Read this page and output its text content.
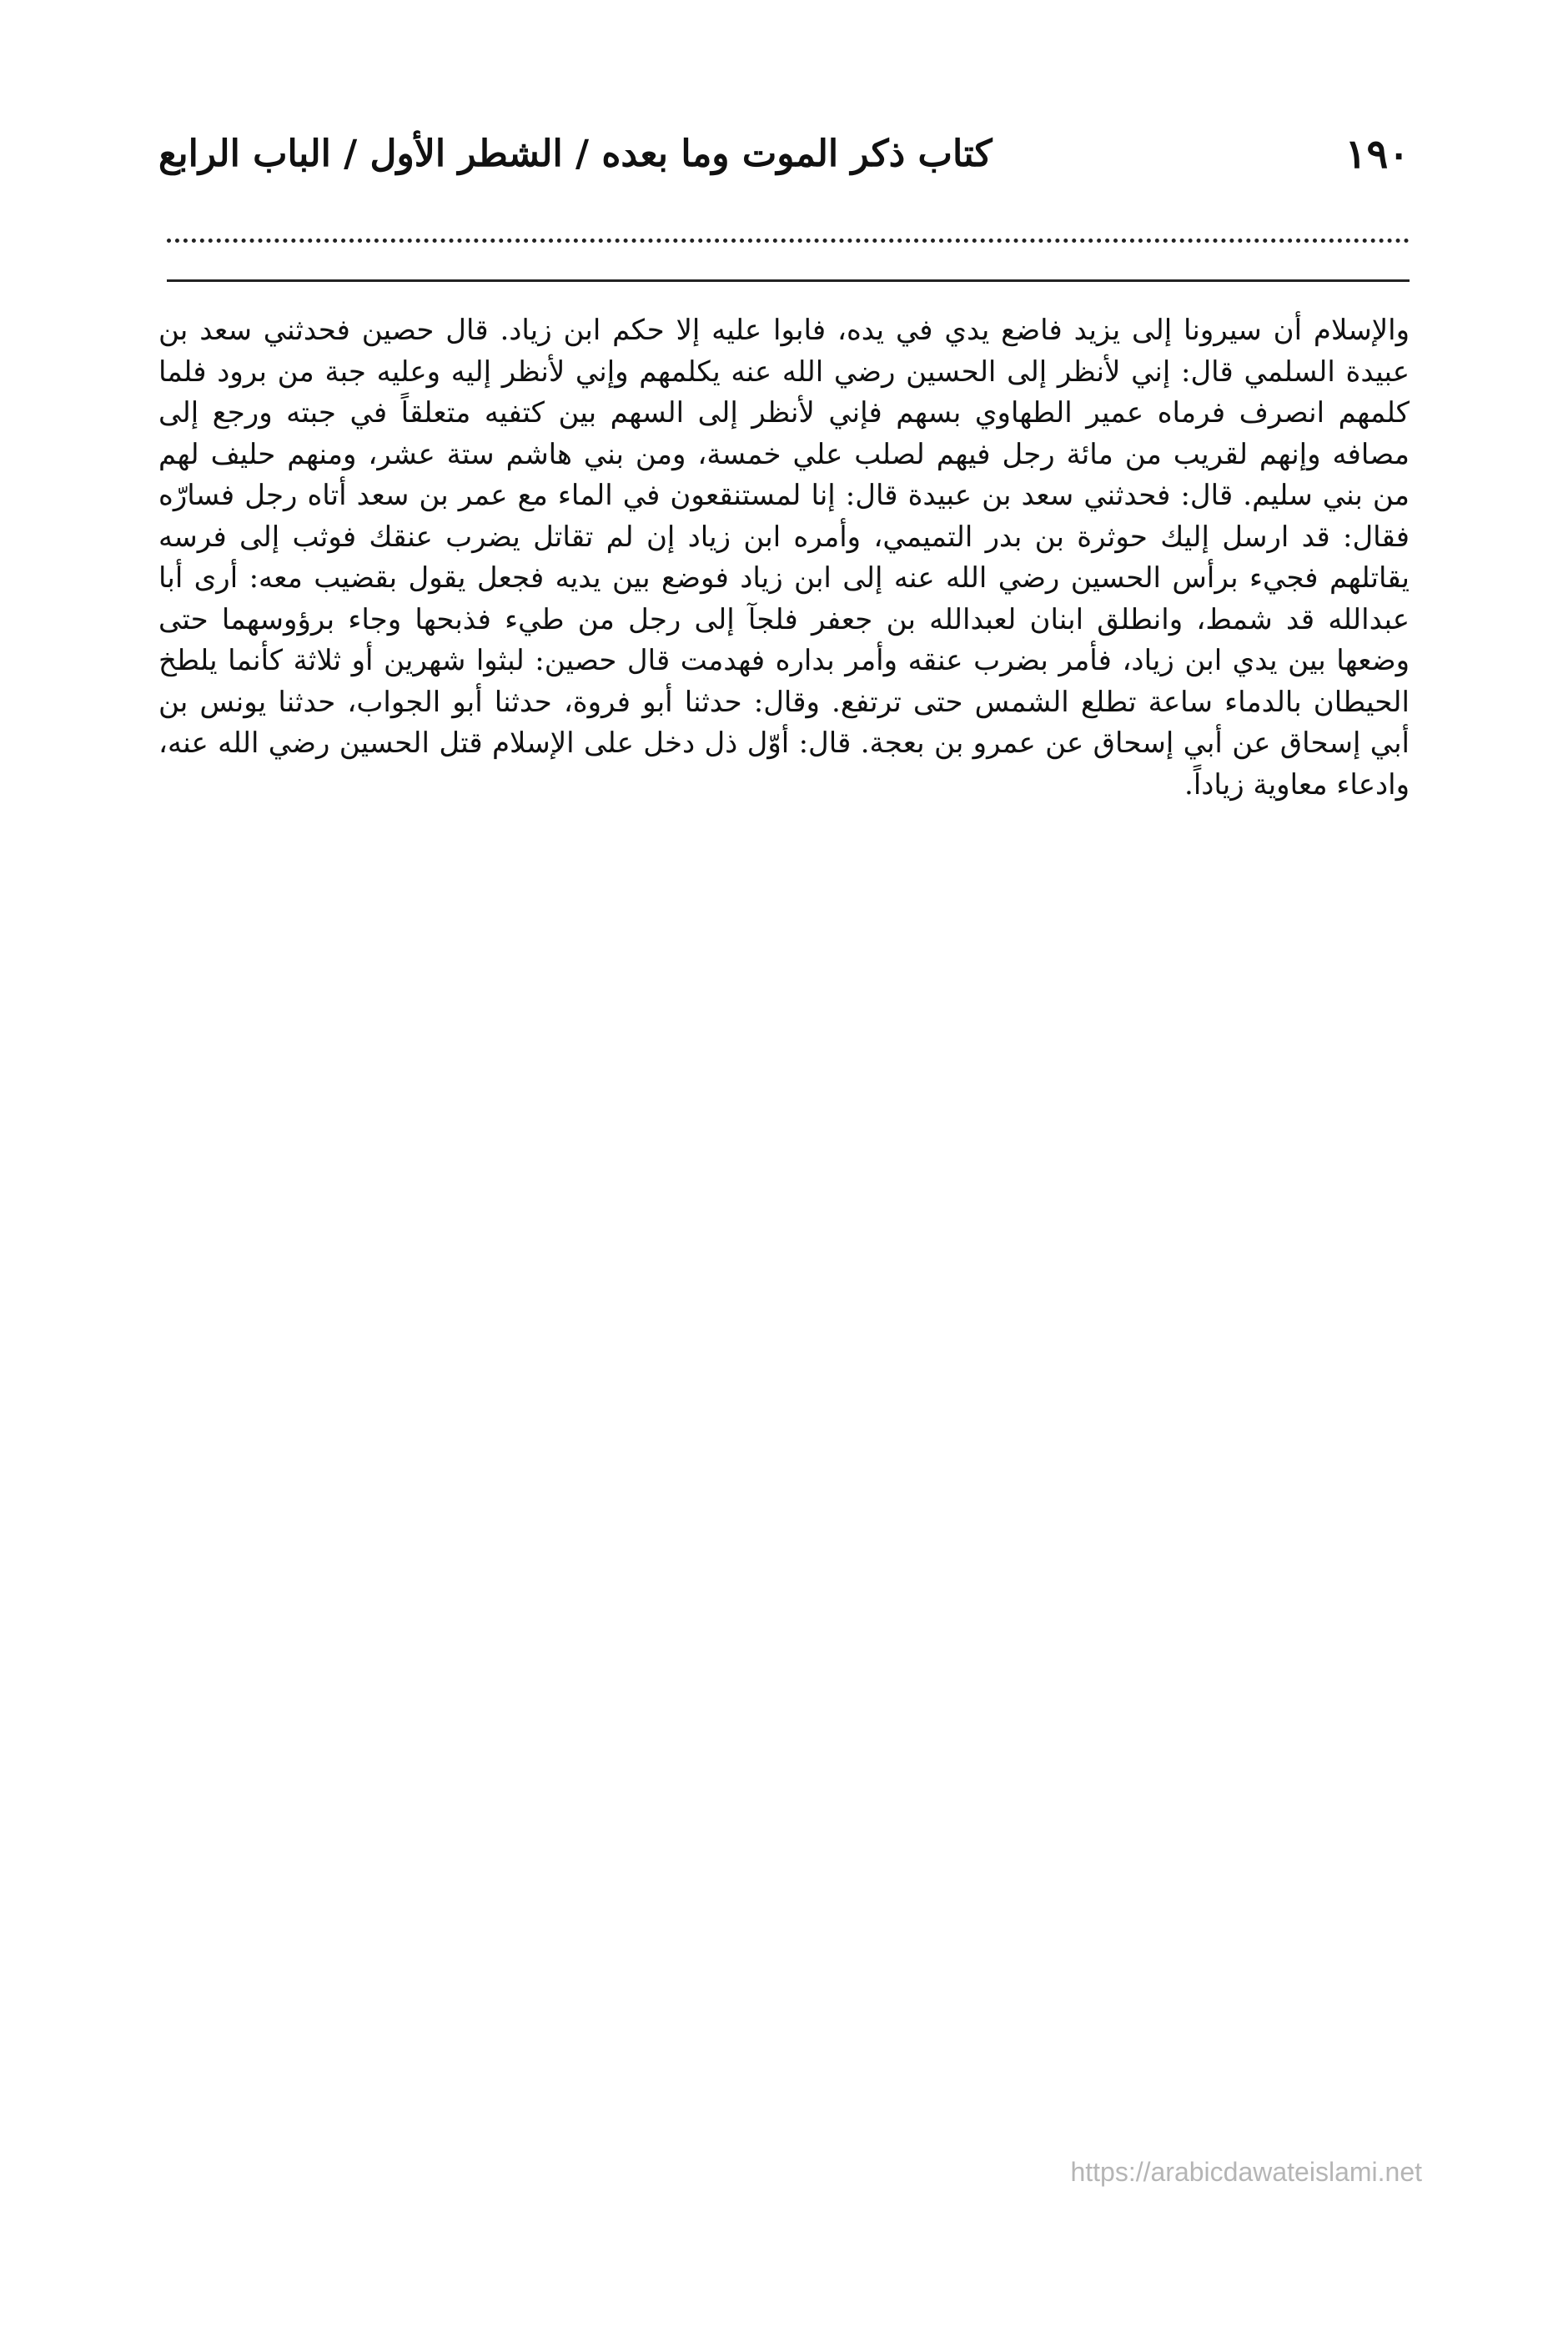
١٩٠
كتاب ذكر الموت وما بعده / الشطر الأول / الباب الرابع

والإسلام أن سيرونا إلى يزيد فاضع يدي في يده، فابوا عليه إلا حكم ابن زياد. قال حصين فحدثني سعد بن عبيدة السلمي قال: إني لأنظر إلى الحسين رضي الله عنه يكلمهم وإني لأنظر إليه وعليه جبة من برود فلما كلمهم انصرف فرماه عمير الطهاوي بسهم فإني لأنظر إلى السهم بين كتفيه متعلقاً في جبته ورجع إلى مصافه وإنهم لقريب من مائة رجل فيهم لصلب علي خمسة، ومن بني هاشم ستة عشر، ومنهم حليف لهم من بني سليم. قال: فحدثني سعد بن عبيدة قال: إنا لمستنقعون في الماء مع عمر بن سعد أتاه رجل فسارّه فقال: قد ارسل إليك حوثرة بن بدر التميمي، وأمره ابن زياد إن لم تقاتل يضرب عنقك فوثب إلى فرسه يقاتلهم فجيء برأس الحسين رضي الله عنه إلى ابن زياد فوضع بين يديه فجعل يقول بقضيب معه: أرى أبا عبدالله قد شمط، وانطلق ابنان لعبدالله بن جعفر فلجآ إلى رجل من طيء فذبحها وجاء برؤوسهما حتى وضعها بين يدي ابن زياد، فأمر بضرب عنقه وأمر بداره فهدمت قال حصين: لبثوا شهرين أو ثلاثة كأنما يلطخ الحيطان بالدماء ساعة تطلع الشمس حتى ترتفع. وقال: حدثنا أبو فروة، حدثنا أبو الجواب، حدثنا يونس بن أبي إسحاق عن أبي إسحاق عن عمرو بن بعجة. قال: أوّل ذل دخل على الإسلام قتل الحسين رضي الله عنه، وادعاء معاوية زياداً.

https://arabicdawateislami.net
